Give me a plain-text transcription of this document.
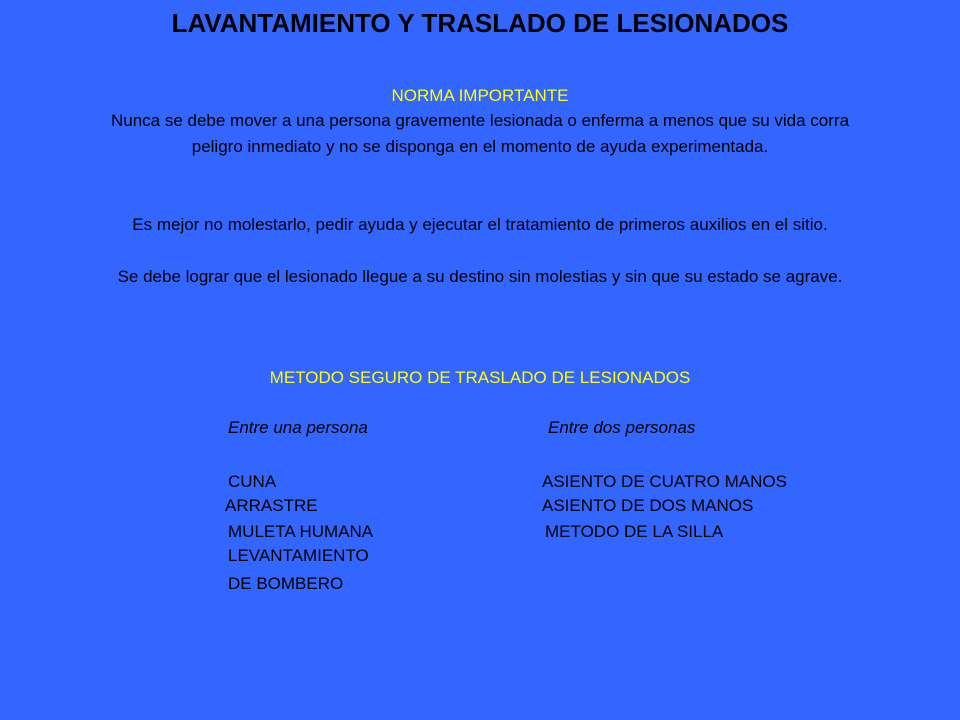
LAVANTAMIENTO Y TRASLADO DE LESIONADOS
NORMA IMPORTANTE
Nunca se debe mover a una persona gravemente lesionada o enferma a menos que su vida corra
peligro inmediato y no se disponga en el momento de ayuda experimentada.
Es mejor no molestarlo, pedir ayuda y ejecutar el tratamiento de primeros auxilios en el sitio.
Se debe lograr que el lesionado llegue a su destino sin molestias y sin que su estado se agrave.
METODO SEGURO DE TRASLADO DE LESIONADOS
Entre una persona	Entre dos personas
CUNA
ARRASTRE
MULETA HUMANA
LEVANTAMIENTO
DE BOMBERO
ASIENTO DE CUATRO MANOS
ASIENTO DE DOS MANOS
METODO DE LA SILLA
